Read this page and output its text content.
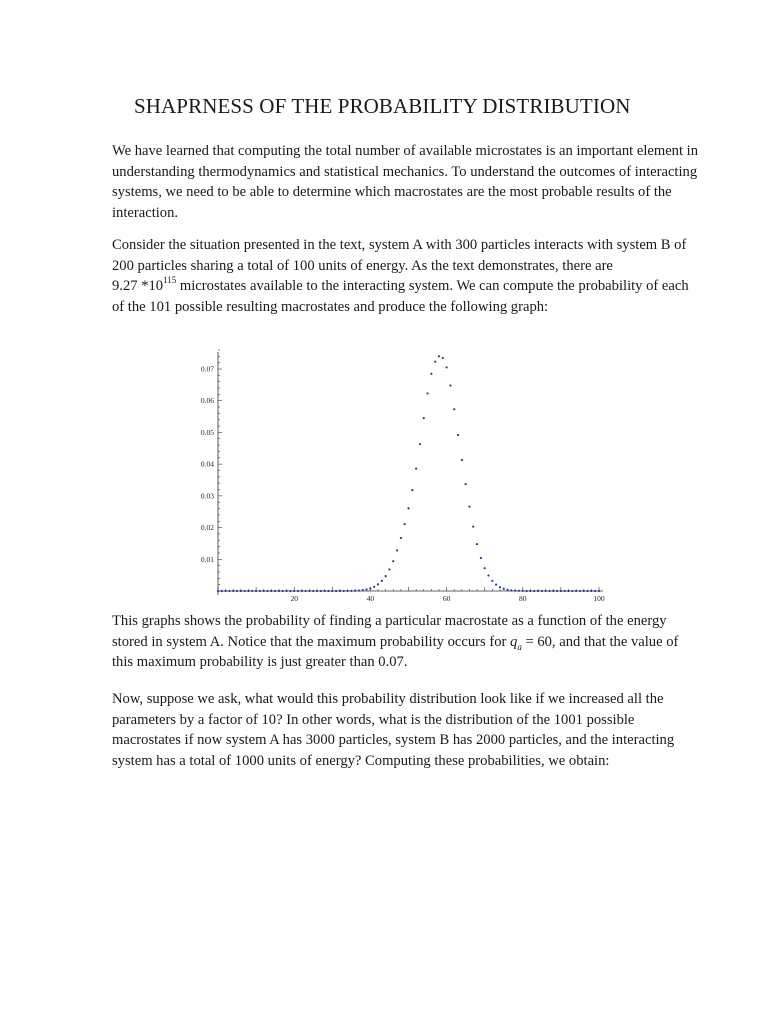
SHAPRNESS OF THE PROBABILITY DISTRIBUTION

We have learned that computing the total number of available microstates is an important element in understanding thermodynamics and statistical mechanics. To understand the outcomes of interacting systems, we need to be able to determine which macrostates are the most probable results of the interaction.

Consider the situation presented in the text, system A with 300 particles interacts with system B of 200 particles sharing a total of 100 units of energy. As the text demonstrates, there are
9.27 $*10^{115}$ microstates available to the interacting system. We can compute the probability of each of the 101 possible resulting macrostates and produce the following graph:

20	40	60	80	100
0.01
0.02
0.03
0.04
0.05
0.06
0.07

This graphs shows the probability of finding a particular macrostate as a function of the energy stored in system A. Notice that the maximum probability occurs for $q_a = 60$, and that the value of this maximum probability is just greater than 0.07.

Now, suppose we ask, what would this probability distribution look like if we increased all the parameters by a factor of 10? In other words, what is the distribution of the 1001 possible macrostates if now system A has 3000 particles, system B has 2000 particles, and the interacting system has a total of 1000 units of energy? Computing these probabilities, we obtain:
